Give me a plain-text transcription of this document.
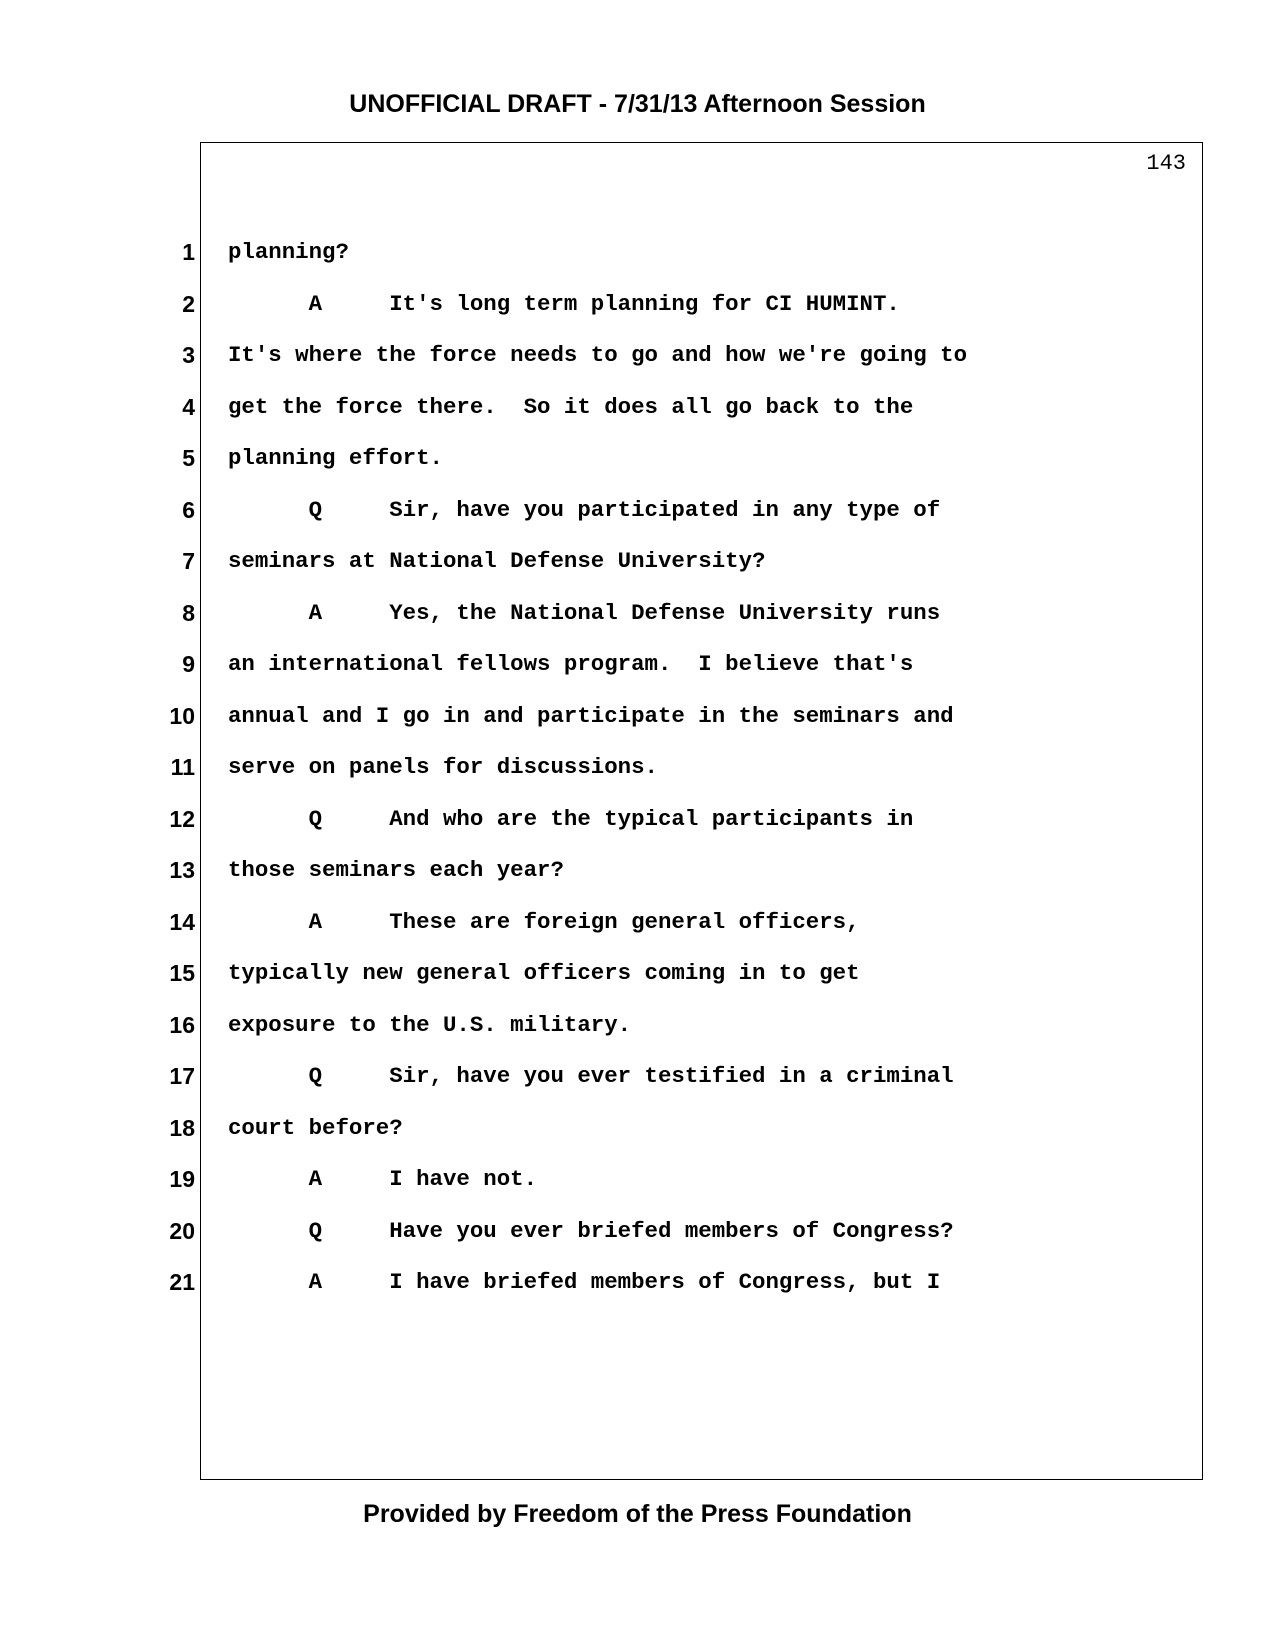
UNOFFICIAL DRAFT - 7/31/13 Afternoon Session
143
1 planning?
2 A     It's long term planning for CI HUMINT.
3 It's where the force needs to go and how we're going to
4 get the force there.  So it does all go back to the
5 planning effort.
6 Q     Sir, have you participated in any type of
7 seminars at National Defense University?
8 A     Yes, the National Defense University runs
9 an international fellows program.  I believe that's
10 annual and I go in and participate in the seminars and
11 serve on panels for discussions.
12 Q     And who are the typical participants in
13 those seminars each year?
14 A     These are foreign general officers,
15 typically new general officers coming in to get
16 exposure to the U.S. military.
17 Q     Sir, have you ever testified in a criminal
18 court before?
19 A     I have not.
20 Q     Have you ever briefed members of Congress?
21 A     I have briefed members of Congress, but I
Provided by Freedom of the Press Foundation
